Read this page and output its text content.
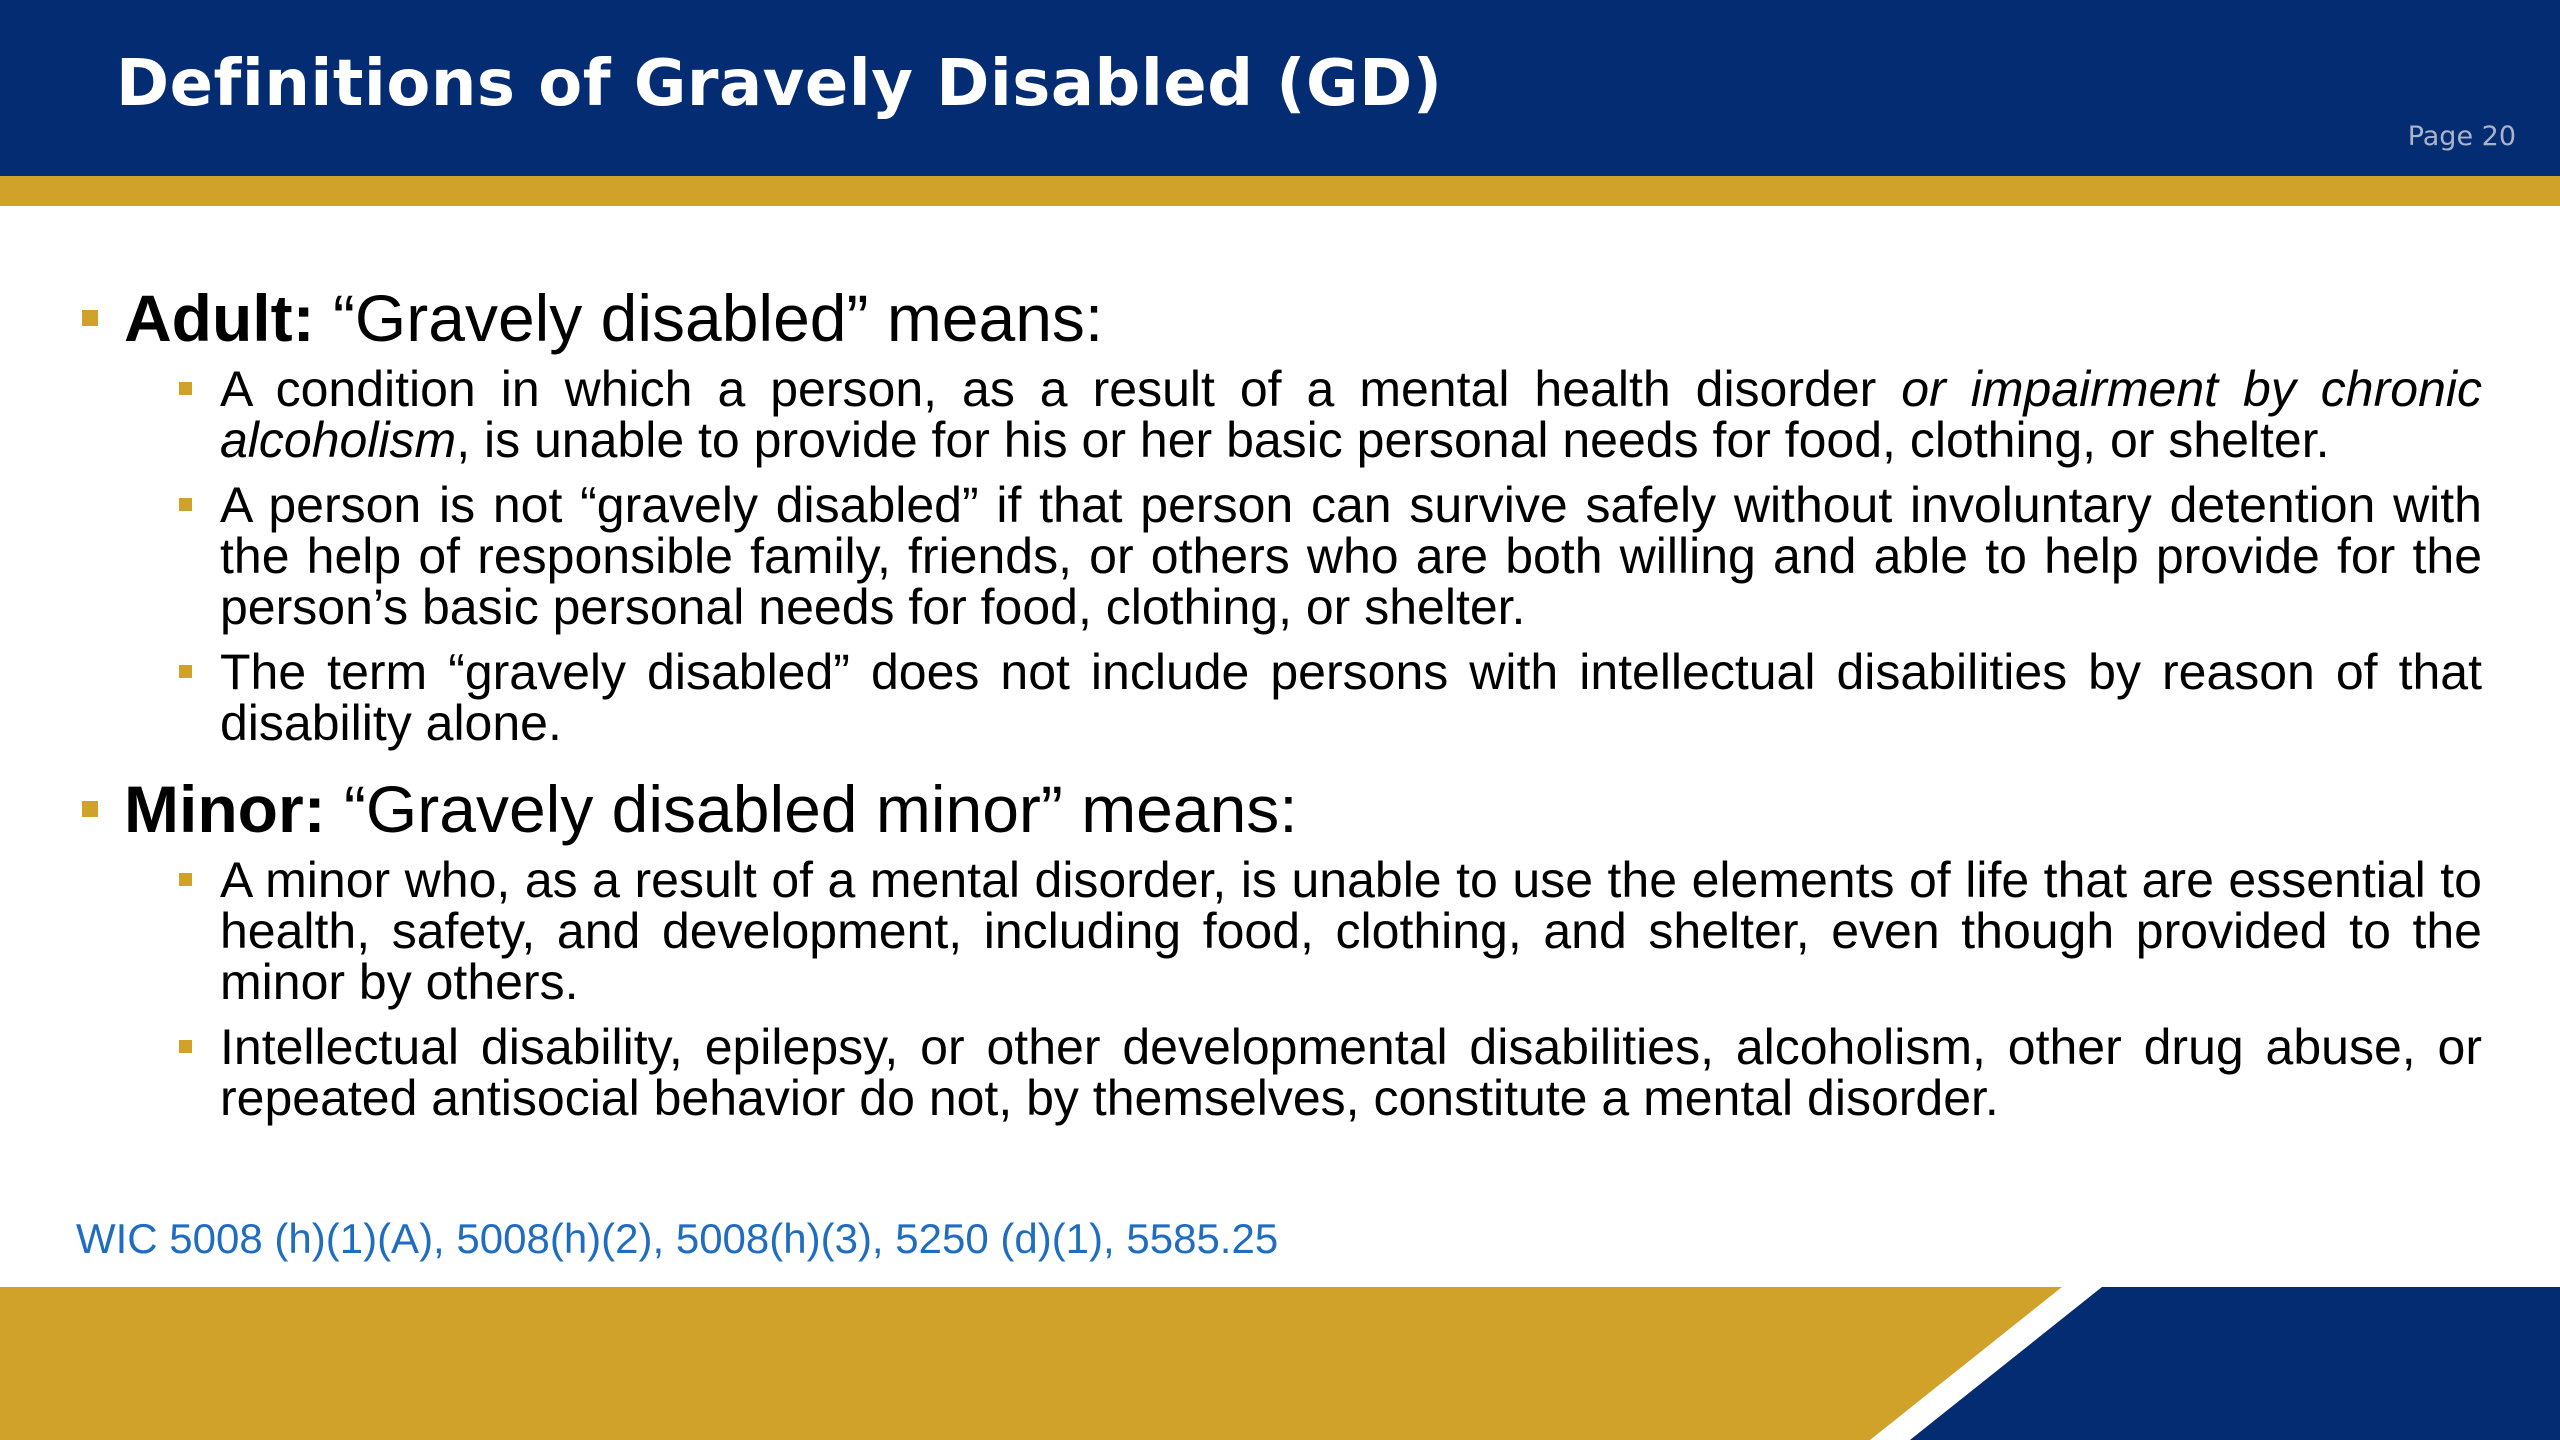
Definitions of Gravely Disabled (GD)
Page 20
Adult: “Gravely disabled” means:
A condition in which a person, as a result of a mental health disorder or impairment by chronic alcoholism, is unable to provide for his or her basic personal needs for food, clothing, or shelter.
A person is not “gravely disabled” if that person can survive safely without involuntary detention with the help of responsible family, friends, or others who are both willing and able to help provide for the person’s basic personal needs for food, clothing, or shelter.
The term “gravely disabled” does not include persons with intellectual disabilities by reason of that disability alone.
Minor: “Gravely disabled minor” means:
A minor who, as a result of a mental disorder, is unable to use the elements of life that are essential to health, safety, and development, including food, clothing, and shelter, even though provided to the minor by others.
Intellectual disability, epilepsy, or other developmental disabilities, alcoholism, other drug abuse, or repeated antisocial behavior do not, by themselves, constitute a mental disorder.
WIC 5008 (h)(1)(A), 5008(h)(2), 5008(h)(3), 5250 (d)(1), 5585.25
